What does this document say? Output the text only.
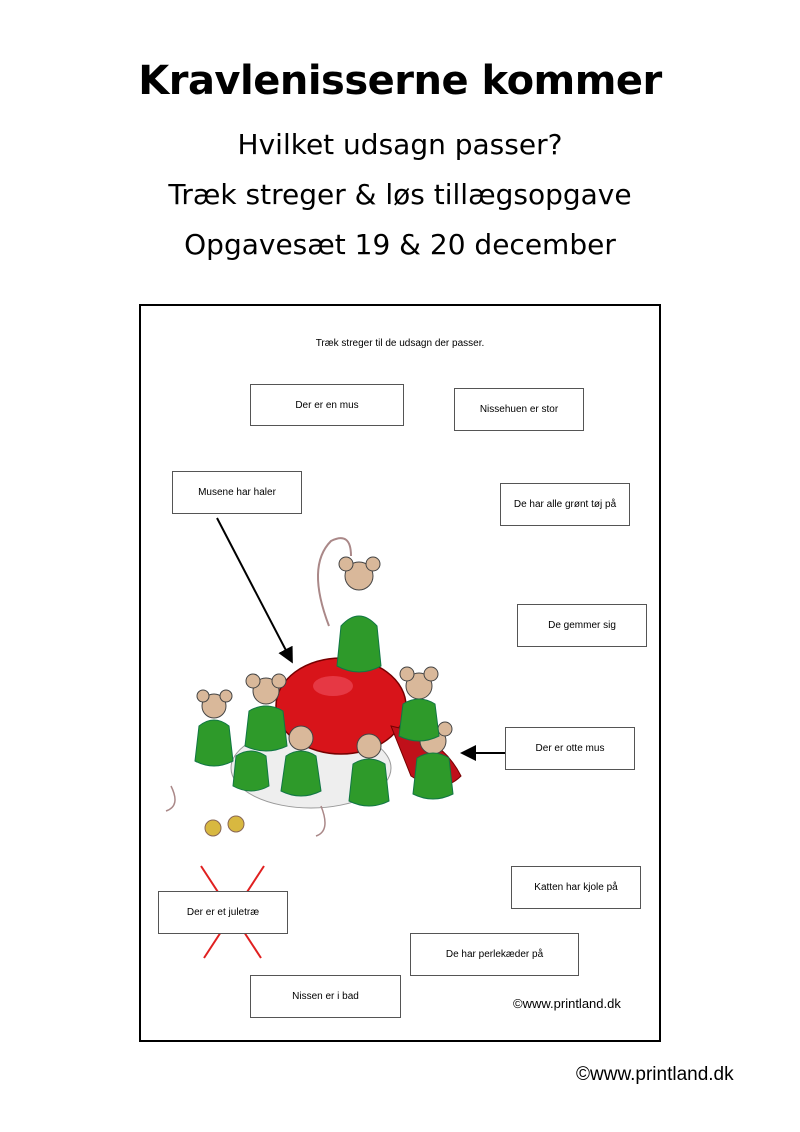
Kravlenisserne kommer
Hvilket udsagn passer?
Træk streger & løs tillægsopgave
Opgavesæt 19 & 20 december
Træk streger til de udsagn der passer.
Der er en mus	Nissehuen er stor
Musene har haler
De har alle grønt tøj på
De gemmer sig
Der er otte mus
Katten har kjole på
Der er et juletræ
De har perlekæder på
Nissen er i bad	©www.printland.dk
©www.printland.dk
